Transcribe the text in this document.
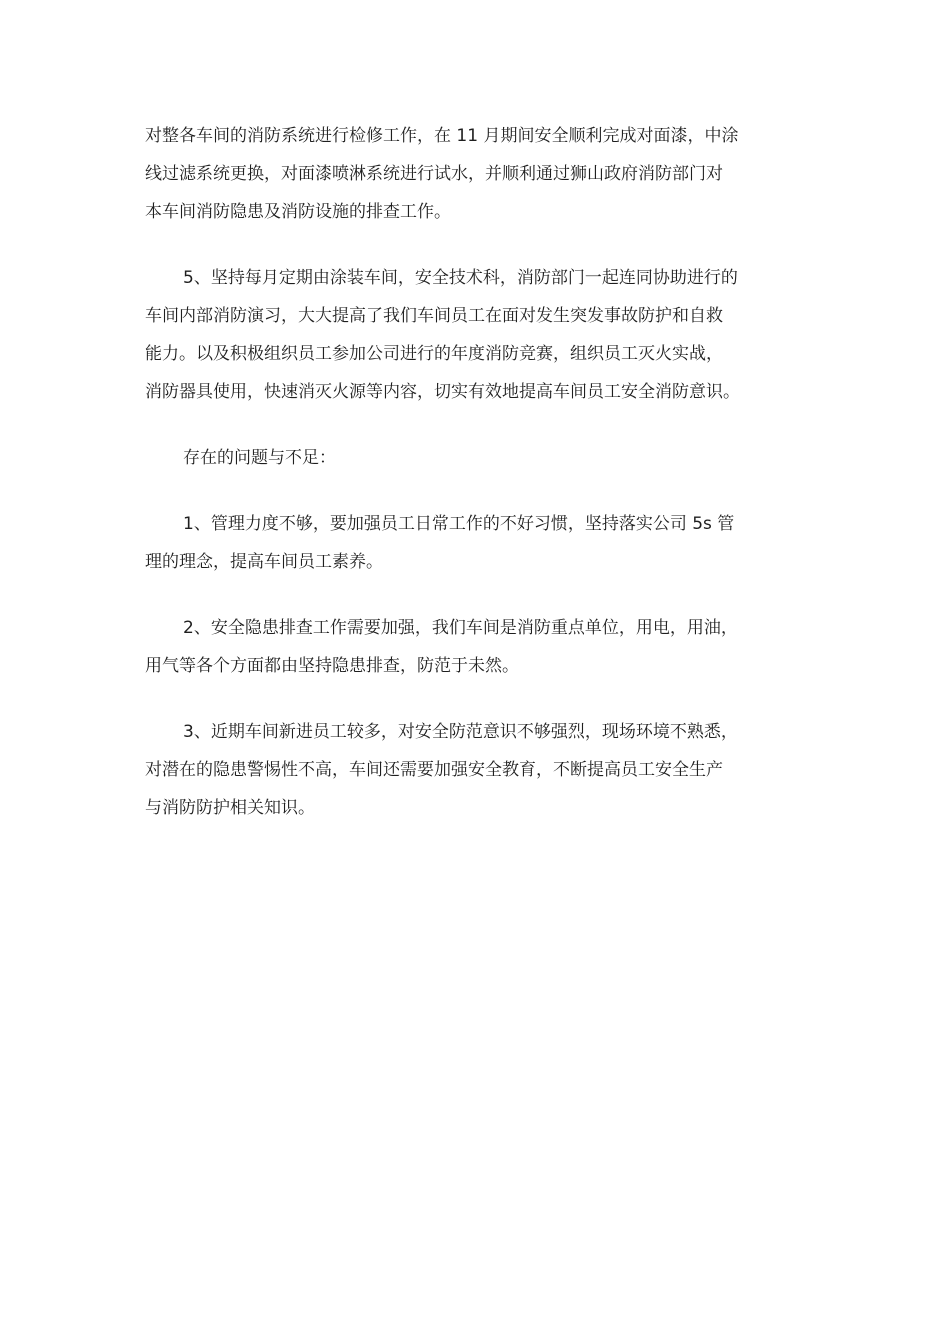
对整各车间的消防系统进行检修工作，在 11 月期间安全顺利完成对面漆，中涂
线过滤系统更换，对面漆喷淋系统进行试水，并顺利通过狮山政府消防部门对
本车间消防隐患及消防设施的排查工作。

5、坚持每月定期由涂装车间，安全技术科，消防部门一起连同协助进行的
车间内部消防演习，大大提高了我们车间员工在面对发生突发事故防护和自救
能力。以及积极组织员工参加公司进行的年度消防竞赛，组织员工灭火实战，
消防器具使用，快速消灭火源等内容，切实有效地提高车间员工安全消防意识。

存在的问题与不足：

1、管理力度不够，要加强员工日常工作的不好习惯，坚持落实公司 5s 管
理的理念，提高车间员工素养。

2、安全隐患排查工作需要加强，我们车间是消防重点单位，用电，用油，
用气等各个方面都由坚持隐患排查，防范于未然。

3、近期车间新进员工较多，对安全防范意识不够强烈，现场环境不熟悉，
对潜在的隐患警惕性不高，车间还需要加强安全教育，不断提高员工安全生产
与消防防护相关知识。
